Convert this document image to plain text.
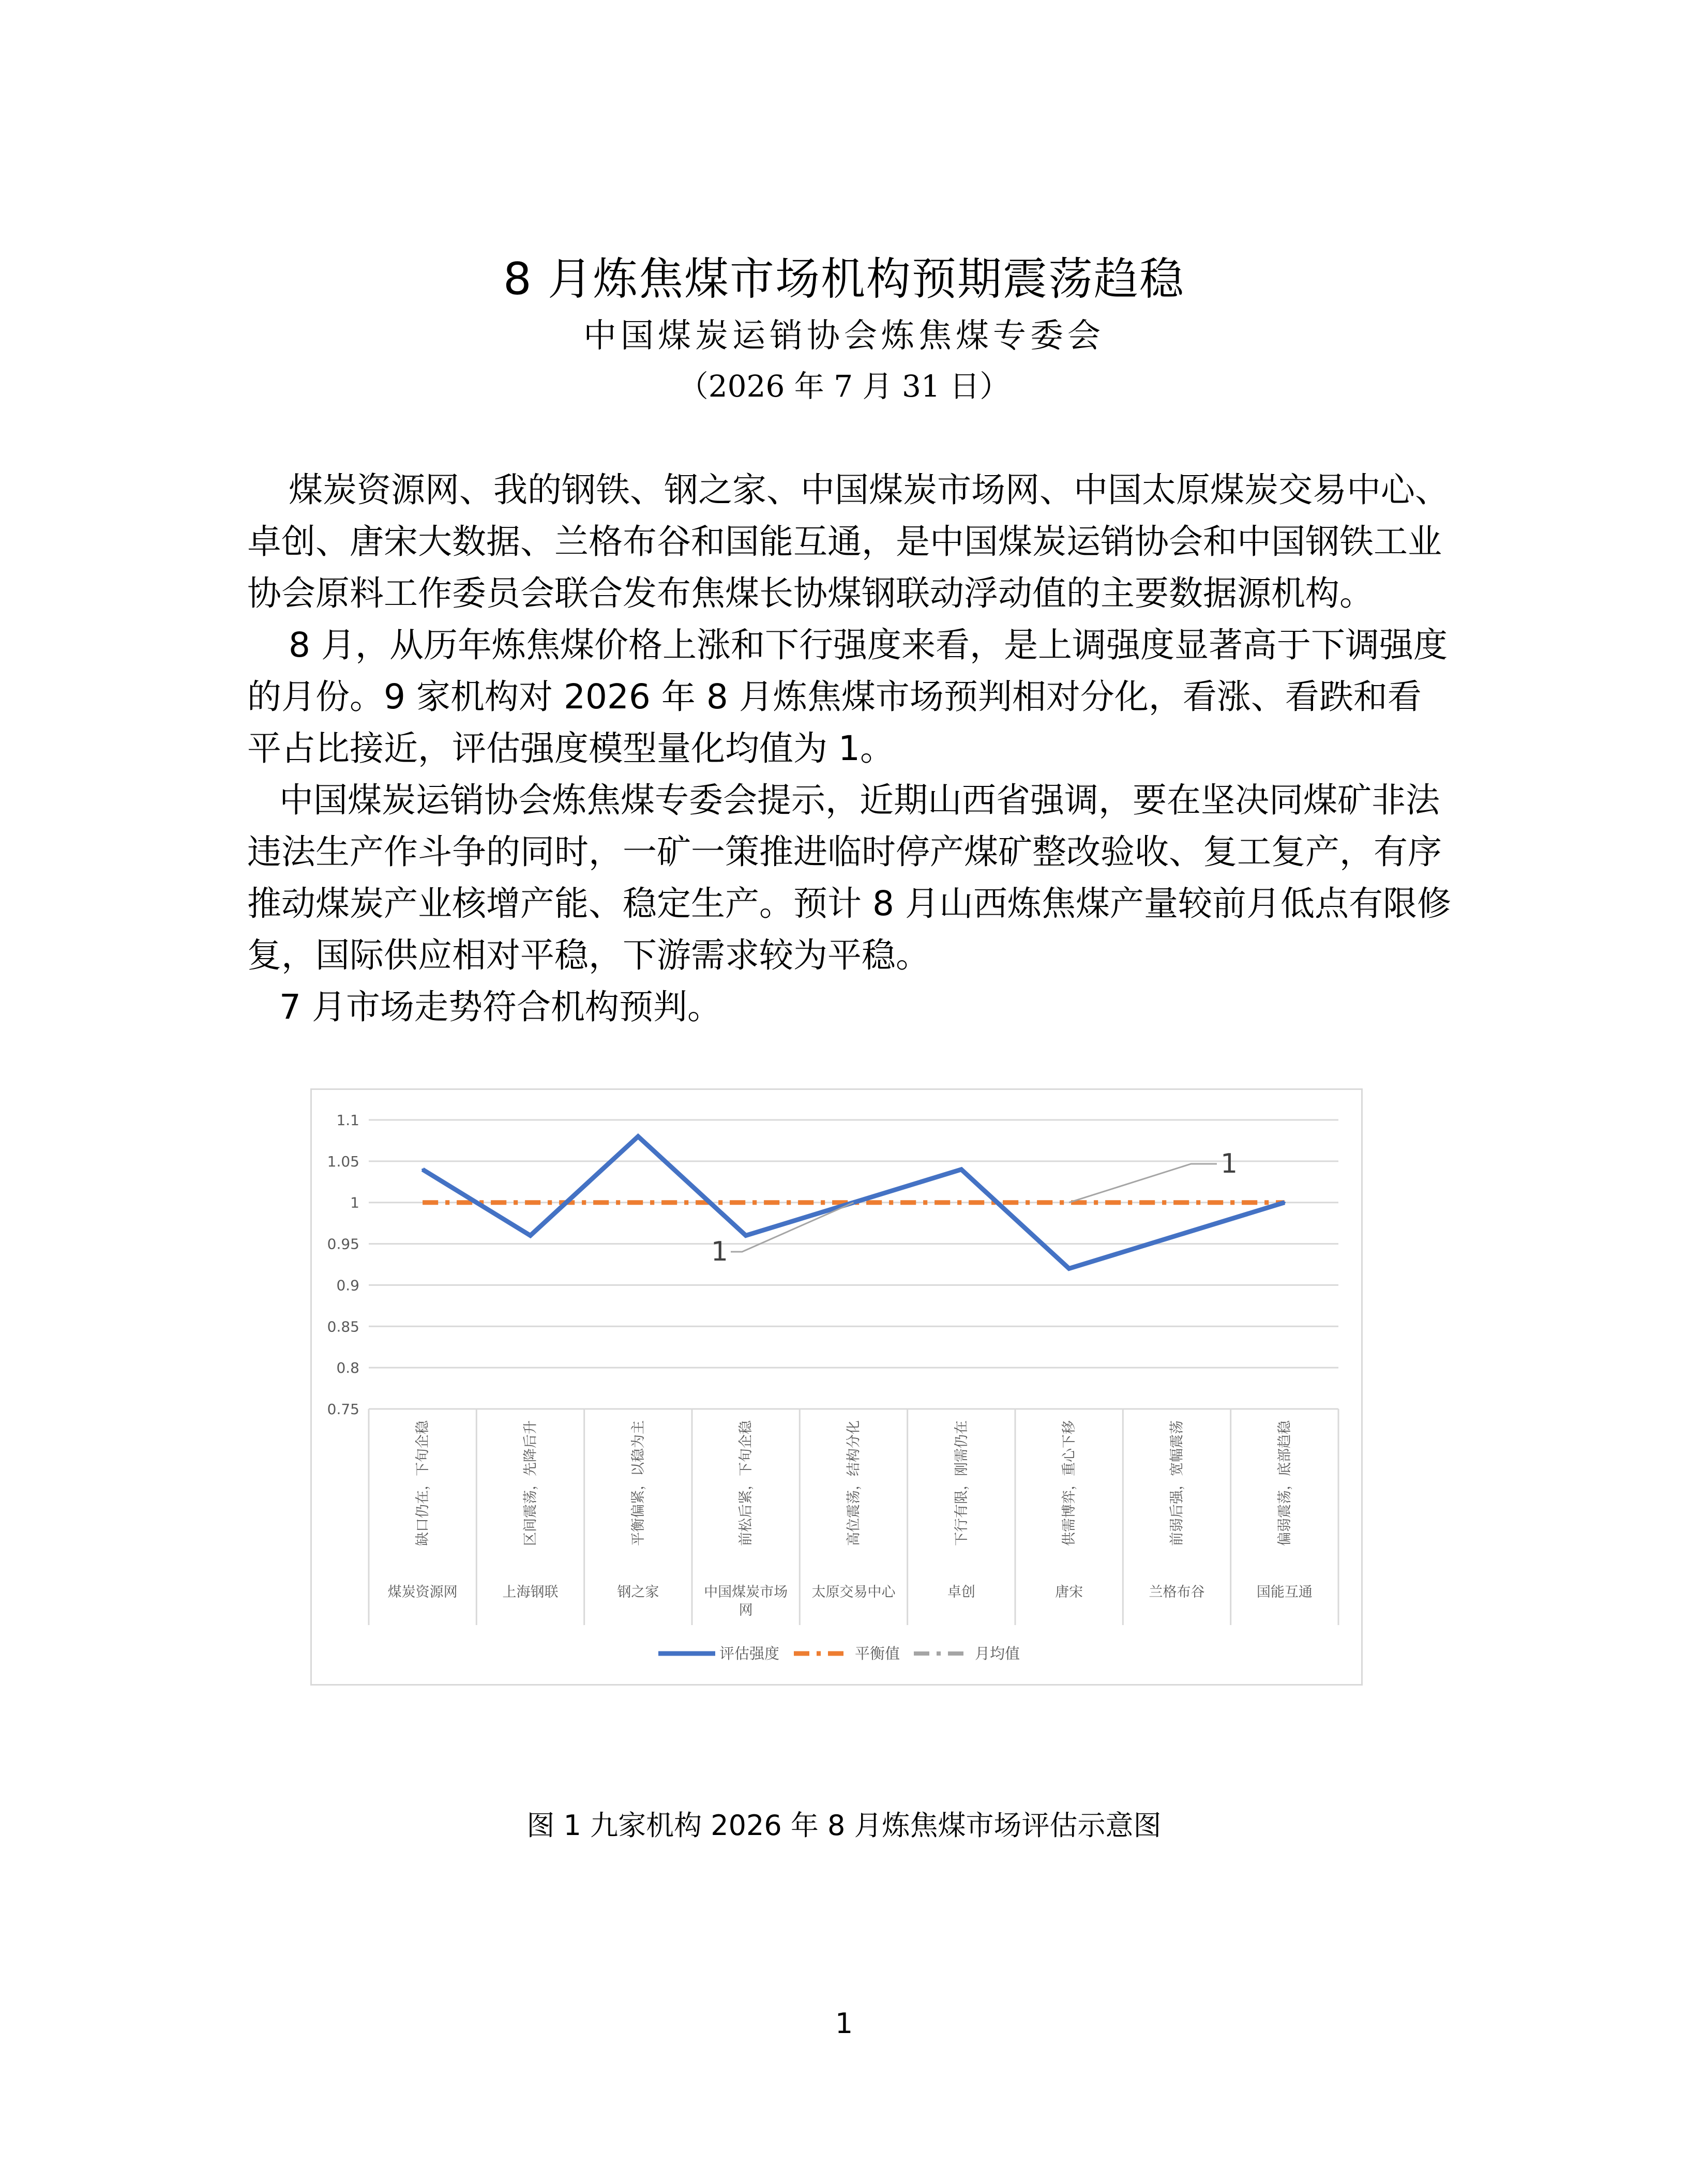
8 月炼焦煤市场机构预期震荡趋稳
中国煤炭运销协会炼焦煤专委会
（2026 年 7 月 31 日）

煤炭资源网、我的钢铁、钢之家、中国煤炭市场网、中国太原煤炭交易中心、卓创、唐宋大数据、兰格布谷和国能互通，是中国煤炭运销协会和中国钢铁工业协会原料工作委员会联合发布焦煤长协煤钢联动浮动值的主要数据源机构。

8 月，从历年炼焦煤价格上涨和下行强度来看，是上调强度显著高于下调强度的月份。9 家机构对 2026 年 8 月炼焦煤市场预判相对分化，看涨、看跌和看平占比接近，评估强度模型量化均值为 1。

中国煤炭运销协会炼焦煤专委会提示，近期山西省强调，要在坚决同煤矿非法违法生产作斗争的同时，一矿一策推进临时停产煤矿整改验收、复工复产，有序推动煤炭产业核增产能、稳定生产。预计 8 月山西炼焦煤产量较前月低点有限修复，国际供应相对平稳，下游需求较为平稳。

7 月市场走势符合机构预判。

1.1
1.05
1
0.95
0.9
0.85
0.8
0.75
缺口仍在，下旬企稳
煤炭资源网
区间震荡，先降后升
上海钢联
平衡偏紧，以稳为主
钢之家
前松后紧，下旬企稳
中国煤炭市场
网
高位震荡，结构分化
太原交易中心
下行有限，刚需仍在
卓创
供需博弈，重心下移
唐宋
前弱后强，宽幅震荡
兰格布谷
偏弱震荡，底部趋稳
国能互通
1
1
评估强度	平衡值	月均值
图 1 九家机构 2026 年 8 月炼焦煤市场评估示意图
1
